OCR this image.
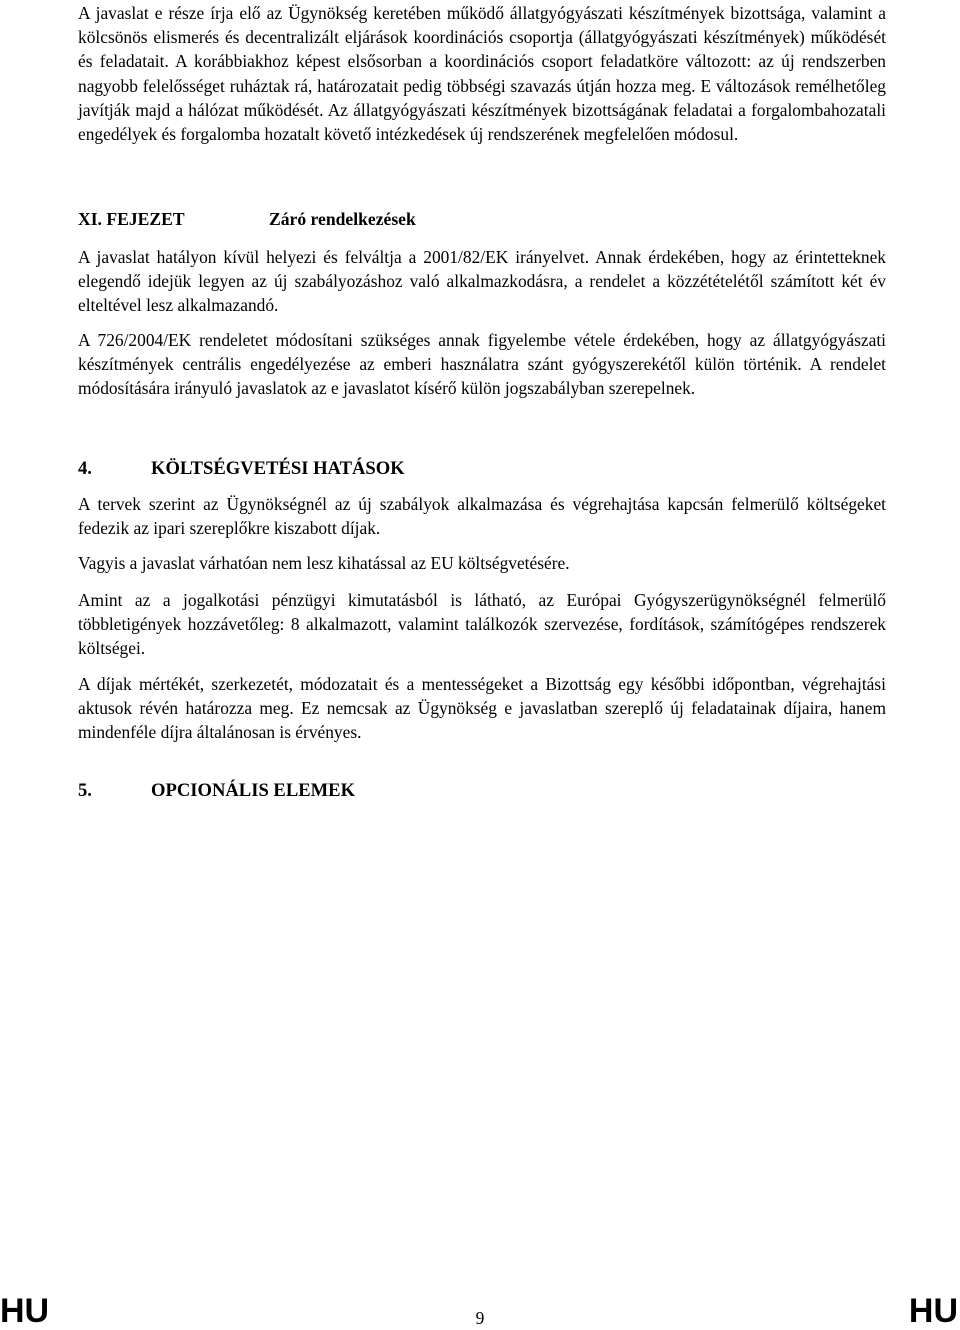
A javaslat e része írja elő az Ügynökség keretében működő állatgyógyászati készítmények bizottsága, valamint a kölcsönös elismerés és decentralizált eljárások koordinációs csoportja (állatgyógyászati készítmények) működését és feladatait. A korábbiakhoz képest elsősorban a koordinációs csoport feladatköre változott: az új rendszerben nagyobb felelősséget ruháztak rá, határozatait pedig többségi szavazás útján hozza meg. E változások remélhetőleg javítják majd a hálózat működését. Az állatgyógyászati készítmények bizottságának feladatai a forgalombahozatali engedélyek és forgalomba hozatalt követő intézkedések új rendszerének megfelelően módosul.

XI. FEJEZET	Záró rendelkezések

A javaslat hatályon kívül helyezi és felváltja a 2001/82/EK irányelvet. Annak érdekében, hogy az érintetteknek elegendő idejük legyen az új szabályozáshoz való alkalmazkodásra, a rendelet a közzétételétől számított két év elteltével lesz alkalmazandó.

A 726/2004/EK rendeletet módosítani szükséges annak figyelembe vétele érdekében, hogy az állatgyógyászati készítmények centrális engedélyezése az emberi használatra szánt gyógyszerekétől külön történik. A rendelet módosítására irányuló javaslatok az e javaslatot kísérő külön jogszabályban szerepelnek.

4.	KÖLTSÉGVETÉSI HATÁSOK

A tervek szerint az Ügynökségnél az új szabályok alkalmazása és végrehajtása kapcsán felmerülő költségeket fedezik az ipari szereplőkre kiszabott díjak.

Vagyis a javaslat várhatóan nem lesz kihatással az EU költségvetésére.

Amint az a jogalkotási pénzügyi kimutatásból is látható, az Európai Gyógyszerügynökségnél felmerülő többletigények hozzávetőleg: 8 alkalmazott, valamint találkozók szervezése, fordítások, számítógépes rendszerek költségei.

A díjak mértékét, szerkezetét, módozatait és a mentességeket a Bizottság egy későbbi időpontban, végrehajtási aktusok révén határozza meg. Ez nemcsak az Ügynökség e javaslatban szereplő új feladatainak díjaira, hanem mindenféle díjra általánosan is érvényes.

5.	OPCIONÁLIS ELEMEK
HU	9	HU
